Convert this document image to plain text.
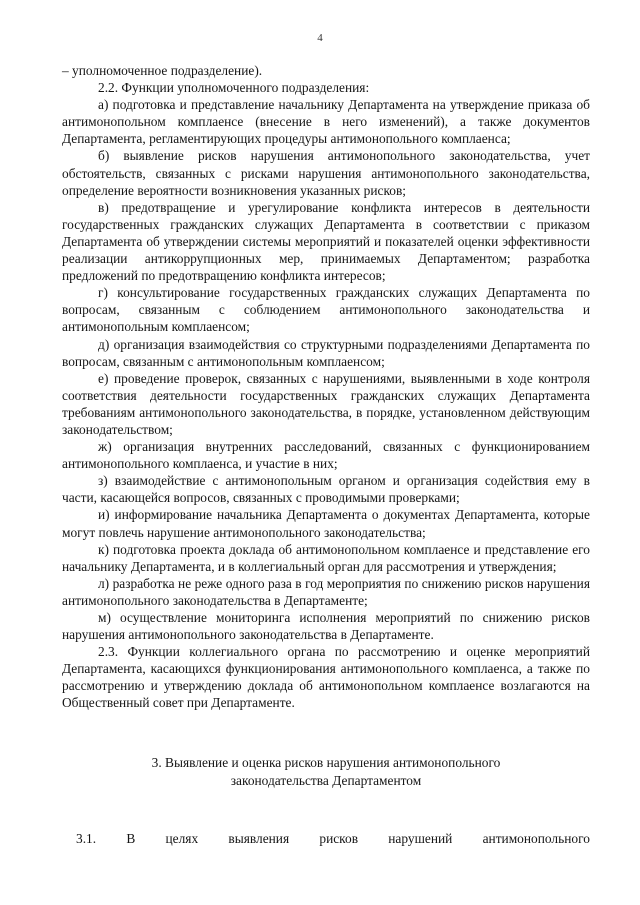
4

– уполномоченное подразделение).

2.2. Функции уполномоченного подразделения:

а) подготовка и представление начальнику Департамента на утверждение приказа об антимонопольном комплаенсе (внесение в него изменений), а также документов Департамента, регламентирующих процедуры антимонопольного комплаенса;

б) выявление рисков нарушения антимонопольного законодательства, учет обстоятельств, связанных с рисками нарушения антимонопольного законодательства, определение вероятности возникновения указанных рисков;

в) предотвращение и урегулирование конфликта интересов в деятельности государственных гражданских служащих Департамента в соответствии с приказом Департамента об утверждении системы мероприятий и показателей оценки эффективности реализации антикоррупционных мер, принимаемых Департаментом; разработка предложений по предотвращению конфликта интересов;

г) консультирование государственных гражданских служащих Департамента по вопросам, связанным с соблюдением антимонопольного законодательства и антимонопольным комплаенсом;

д) организация взаимодействия со структурными подразделениями Департамента по вопросам, связанным с антимонопольным комплаенсом;

е) проведение проверок, связанных с нарушениями, выявленными в ходе контроля соответствия деятельности государственных гражданских служащих Департамента требованиям антимонопольного законодательства, в порядке, установленном действующим законодательством;

ж) организация внутренних расследований, связанных с функционированием антимонопольного комплаенса, и участие в них;

з) взаимодействие с антимонопольным органом и организация содействия ему в части, касающейся вопросов, связанных с проводимыми проверками;

и) информирование начальника Департамента о документах Департамента, которые могут повлечь нарушение антимонопольного законодательства;

к) подготовка проекта доклада об антимонопольном комплаенсе и представление его начальнику Департамента, и в коллегиальный орган для рассмотрения и утверждения;

л) разработка не реже одного раза в год мероприятия по снижению рисков нарушения антимонопольного законодательства в Департаменте;

м) осуществление мониторинга исполнения мероприятий по снижению рисков нарушения антимонопольного законодательства в Департаменте.

2.3. Функции коллегиального органа по рассмотрению и оценке мероприятий Департамента, касающихся функционирования антимонопольного комплаенса, а также по рассмотрению и утверждению доклада об антимонопольном комплаенсе возлагаются на Общественный совет при Департаменте.

3. Выявление и оценка рисков нарушения антимонопольного
законодательства Департаментом

3.1. В целях выявления рисков нарушений антимонопольного
